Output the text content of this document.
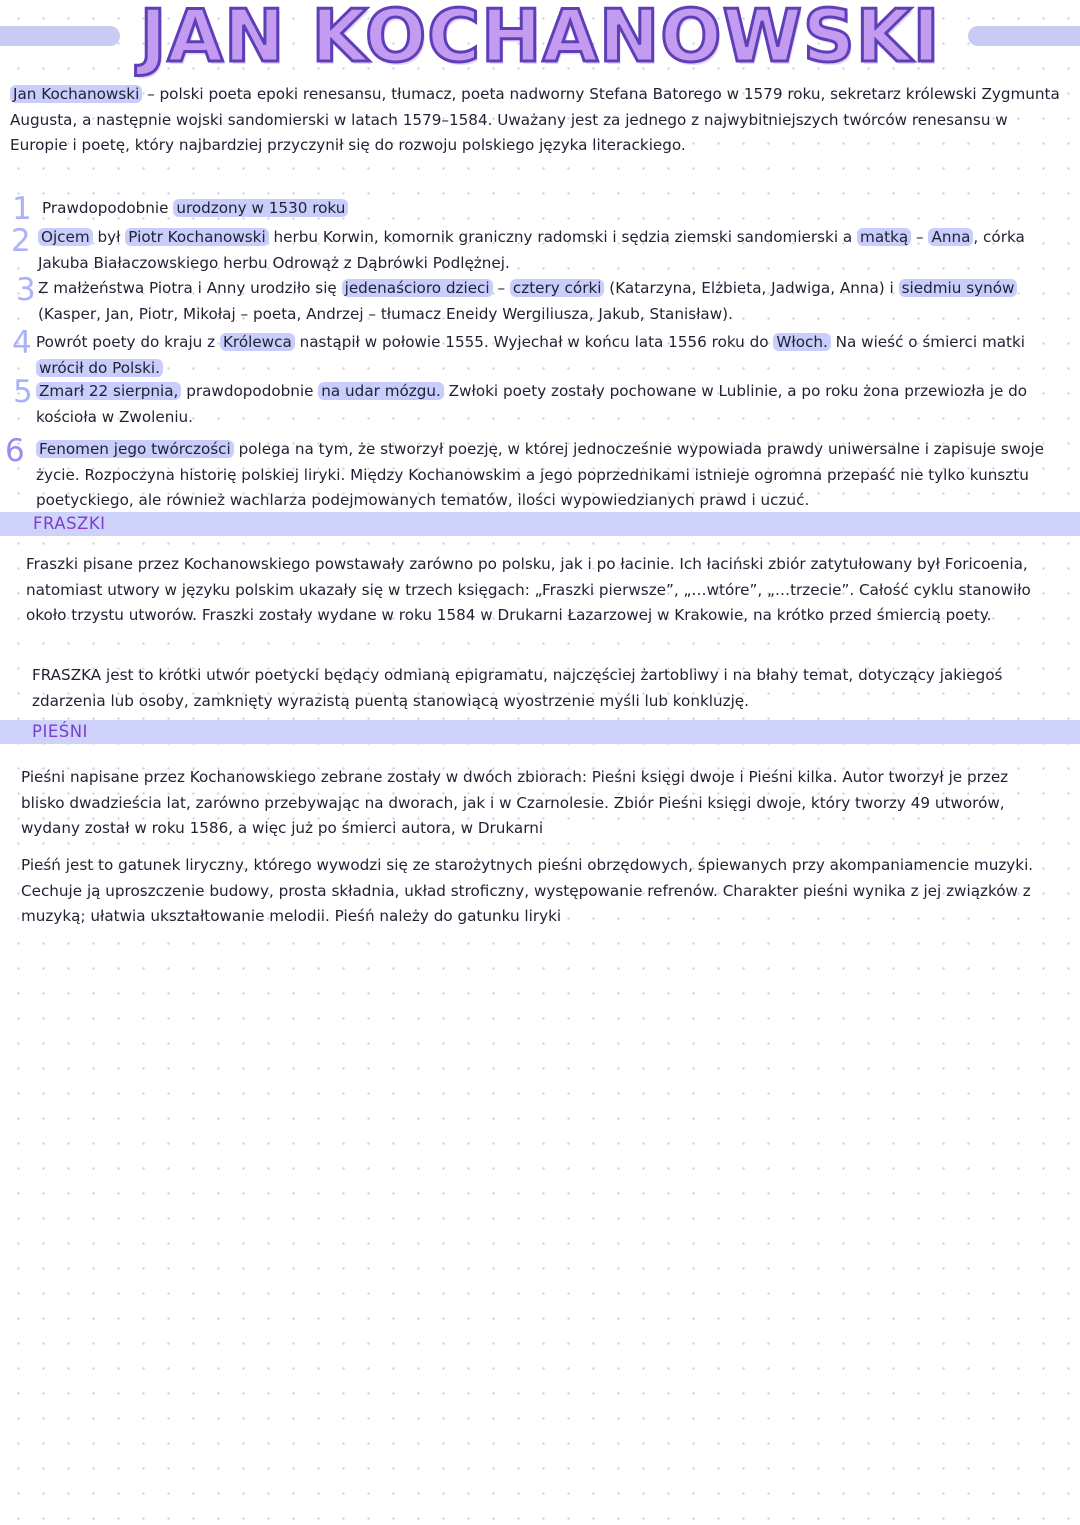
JAN KOCHANOWSKI

Jan Kochanowski – polski poeta epoki renesansu, tłumacz, poeta nadworny Stefana Batorego w 1579 roku, sekretarz królewski Zygmunta Augusta, a następnie wojski sandomierski w latach 1579–1584. Uważany jest za jednego z najwybitniejszych twórców renesansu w Europie i poetę, który najbardziej przyczynił się do rozwoju polskiego języka literackiego.

1 Prawdopodobnie urodzony w 1530 roku

2 Ojcem był Piotr Kochanowski herbu Korwin, komornik graniczny radomski i sędzia ziemski sandomierski a matką – Anna , córka Jakuba Białaczowskiego herbu Odrowąż z Dąbrówki Podlężnej.

3 Z małżeństwa Piotra i Anny urodziło się jedenaścioro dzieci – cztery córki (Katarzyna, Elżbieta, Jadwiga, Anna) i siedmiu synów (Kasper, Jan, Piotr, Mikołaj – poeta, Andrzej – tłumacz Eneidy Wergiliusza, Jakub, Stanisław).

4 Powrót poety do kraju z Królewca nastąpił w połowie 1555. Wyjechał w końcu lata 1556 roku do Włoch. Na wieść o śmierci matki wrócił do Polski.

5 Zmarł 22 sierpnia, prawdopodobnie na udar mózgu. Zwłoki poety zostały pochowane w Lublinie, a po roku żona przewiozła je do kościoła w Zwoleniu.

6 Fenomen jego twórczości polega na tym, że stworzył poezję, w której jednocześnie wypowiada prawdy uniwersalne i zapisuje swoje życie. Rozpoczyna historię polskiej liryki. Między Kochanowskim a jego poprzednikami istnieje ogromna przepaść nie tylko kunsztu poetyckiego, ale również wachlarza podejmowanych tematów, ilości wypowiedzianych prawd i uczuć.

FRASZKI

Fraszki pisane przez Kochanowskiego powstawały zarówno po polsku, jak i po łacinie. Ich łaciński zbiór zatytułowany był Foricoenia, natomiast utwory w języku polskim ukazały się w trzech księgach: „Fraszki pierwsze”, „…wtóre”, „…trzecie”. Całość cyklu stanowiło około trzystu utworów. Fraszki zostały wydane w roku 1584 w Drukarni Łazarzowej w Krakowie, na krótko przed śmiercią poety.

FRASZKA jest to krótki utwór poetycki będący odmianą epigramatu, najczęściej żartobliwy i na błahy temat, dotyczący jakiegoś zdarzenia lub osoby, zamknięty wyrazistą puentą stanowiącą wyostrzenie myśli lub konkluzję.

PIEŚNI

Pieśni napisane przez Kochanowskiego zebrane zostały w dwóch zbiorach: Pieśni księgi dwoje i Pieśni kilka. Autor tworzył je przez blisko dwadzieścia lat, zarówno przebywając na dworach, jak i w Czarnolesie. Zbiór Pieśni księgi dwoje, który tworzy 49 utworów, wydany został w roku 1586, a więc już po śmierci autora, w Drukarni

Pieśń jest to gatunek liryczny, którego wywodzi się ze starożytnych pieśni obrzędowych, śpiewanych przy akompaniamencie muzyki. Cechuje ją uproszczenie budowy, prosta składnia, układ stroficzny, występowanie refrenów. Charakter pieśni wynika z jej związków z muzyką; ułatwia ukształtowanie melodii. Pieśń należy do gatunku liryki
